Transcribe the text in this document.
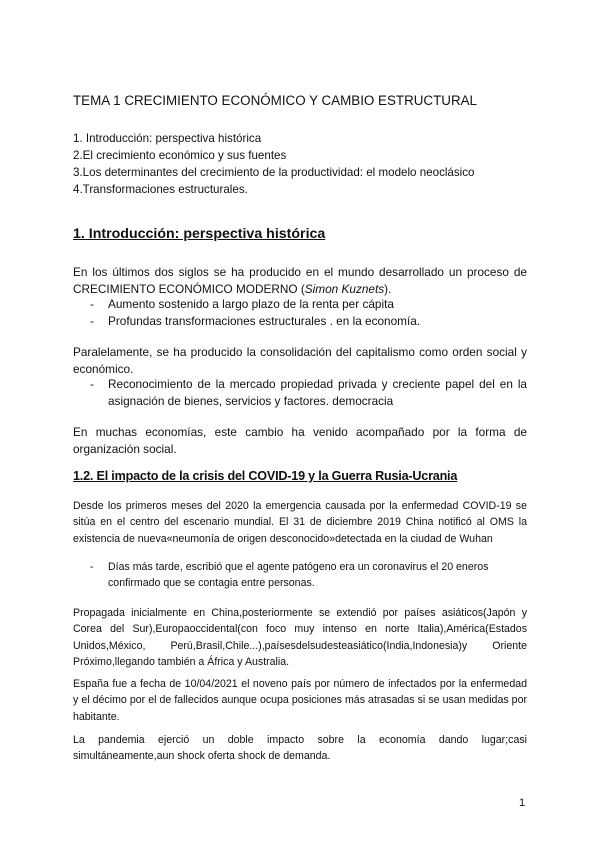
TEMA 1 CRECIMIENTO ECONÓMICO Y CAMBIO ESTRUCTURAL
1. Introducción: perspectiva histórica
2.El crecimiento económico y sus fuentes
3.Los determinantes del crecimiento de la productividad: el modelo neoclásico
4.Transformaciones estructurales.
1. Introducción: perspectiva histórica
En los últimos dos siglos se ha producido en el mundo desarrollado un proceso de CRECIMIENTO ECONÓMICO MODERNO (Simon Kuznets).
- Aumento sostenido a largo plazo de la renta per cápita
- Profundas transformaciones estructurales . en la economía.
Paralelamente, se ha producido la consolidación del capitalismo como orden social y económico.
- Reconocimiento de la mercado propiedad privada y creciente papel del en la asignación de bienes, servicios y factores. democracia
En muchas economías, este cambio ha venido acompañado por la forma de organización social.
1.2. El impacto de la crisis del COVID-19 y la Guerra Rusia-Ucrania
Desde los primeros meses del 2020 la emergencia causada por la enfermedad COVID-19 se sitúa en el centro del escenario mundial. El 31 de diciembre 2019 China notificó al OMS la existencia de nueva«neumonía de origen desconocido»detectada en la ciudad de Wuhan
- Días más tarde, escribió que el agente patógeno era un coronavirus el 20 eneros confirmado que se contagia entre personas.
Propagada inicialmente en China,posteriormente se extendió por países asiáticos(Japón y Corea del Sur),Europaoccidental(con foco muy intenso en norte Italia),América(Estados Unidos,México, Perú,Brasil,Chile...),paísesdelsudesteasiático(India,Indonesia)y Oriente Próximo,llegando también a África y Australia.
España fue a fecha de 10/04/2021 el noveno país por número de infectados por la enfermedad y el décimo por el de fallecidos aunque ocupa posiciones más atrasadas si se usan medidas por habitante.
La pandemia ejerció un doble impacto sobre la economía dando lugar;casi simultáneamente,aun shock oferta shock de demanda.
1
